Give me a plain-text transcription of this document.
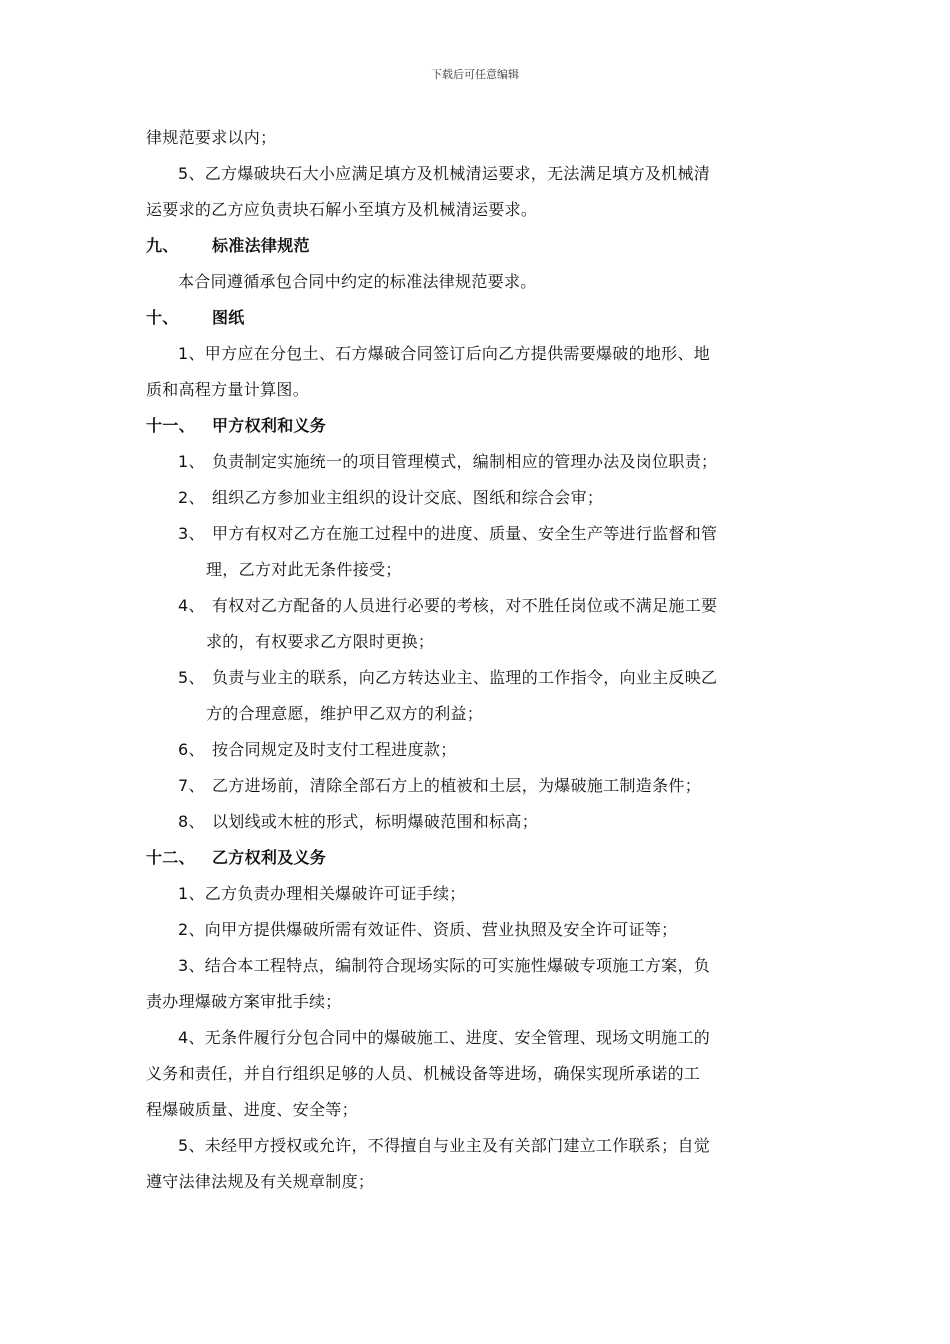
下载后可任意编辑
律规范要求以内；
5、乙方爆破块石大小应满足填方及机械清运要求，无法满足填方及机械清
运要求的乙方应负责块石解小至填方及机械清运要求。
九、 标准法律规范
本合同遵循承包合同中约定的标准法律规范要求。
十、 图纸
1、甲方应在分包土、石方爆破合同签订后向乙方提供需要爆破的地形、地
质和高程方量计算图。
十一、 甲方权利和义务
1、 负责制定实施统一的项目管理模式，编制相应的管理办法及岗位职责；
2、 组织乙方参加业主组织的设计交底、图纸和综合会审；
3、 甲方有权对乙方在施工过程中的进度、质量、安全生产等进行监督和管
理，乙方对此无条件接受；
4、 有权对乙方配备的人员进行必要的考核，对不胜任岗位或不满足施工要
求的，有权要求乙方限时更换；
5、 负责与业主的联系，向乙方转达业主、监理的工作指令，向业主反映乙
方的合理意愿，维护甲乙双方的利益；
6、 按合同规定及时支付工程进度款；
7、 乙方进场前，清除全部石方上的植被和土层，为爆破施工制造条件；
8、 以划线或木桩的形式，标明爆破范围和标高；
十二、 乙方权利及义务
1、乙方负责办理相关爆破许可证手续；
2、向甲方提供爆破所需有效证件、资质、营业执照及安全许可证等；
3、结合本工程特点，编制符合现场实际的可实施性爆破专项施工方案，负
责办理爆破方案审批手续；
4、无条件履行分包合同中的爆破施工、进度、安全管理、现场文明施工的
义务和责任，并自行组织足够的人员、机械设备等进场，确保实现所承诺的工
程爆破质量、进度、安全等；
5、未经甲方授权或允许，不得擅自与业主及有关部门建立工作联系；自觉
遵守法律法规及有关规章制度；
